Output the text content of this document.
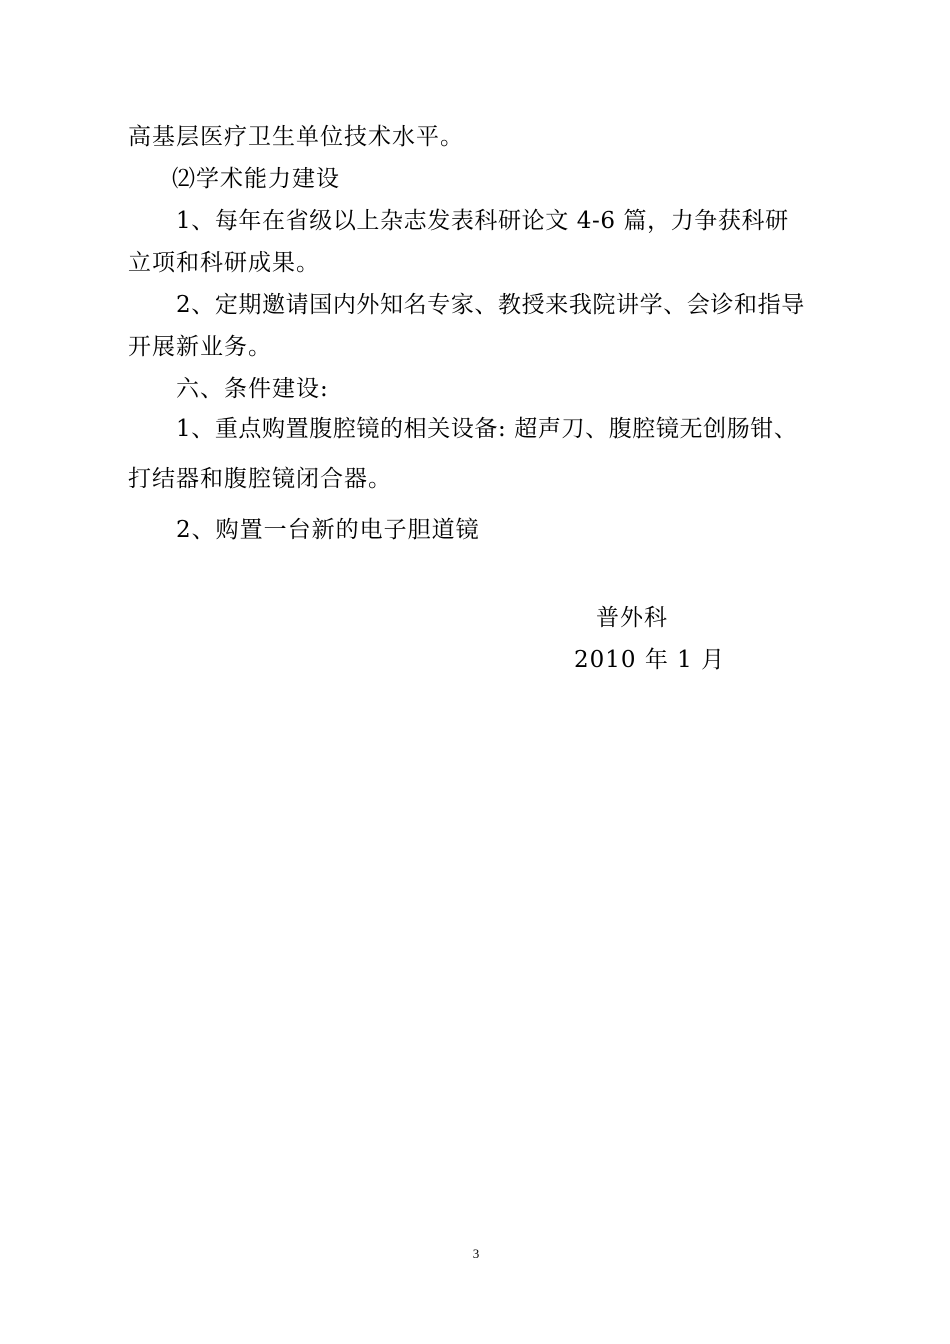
高基层医疗卫生单位技术水平。
⑵学术能力建设
1、每年在省级以上杂志发表科研论文 4-6 篇，力争获科研
立项和科研成果。
2、定期邀请国内外知名专家、教授来我院讲学、会诊和指导
开展新业务。
六、条件建设:
1、重点购置腹腔镜的相关设备: 超声刀、腹腔镜无创肠钳、
打结器和腹腔镜闭合器。
2、购置一台新的电子胆道镜
普外科
2010 年 1 月
3
